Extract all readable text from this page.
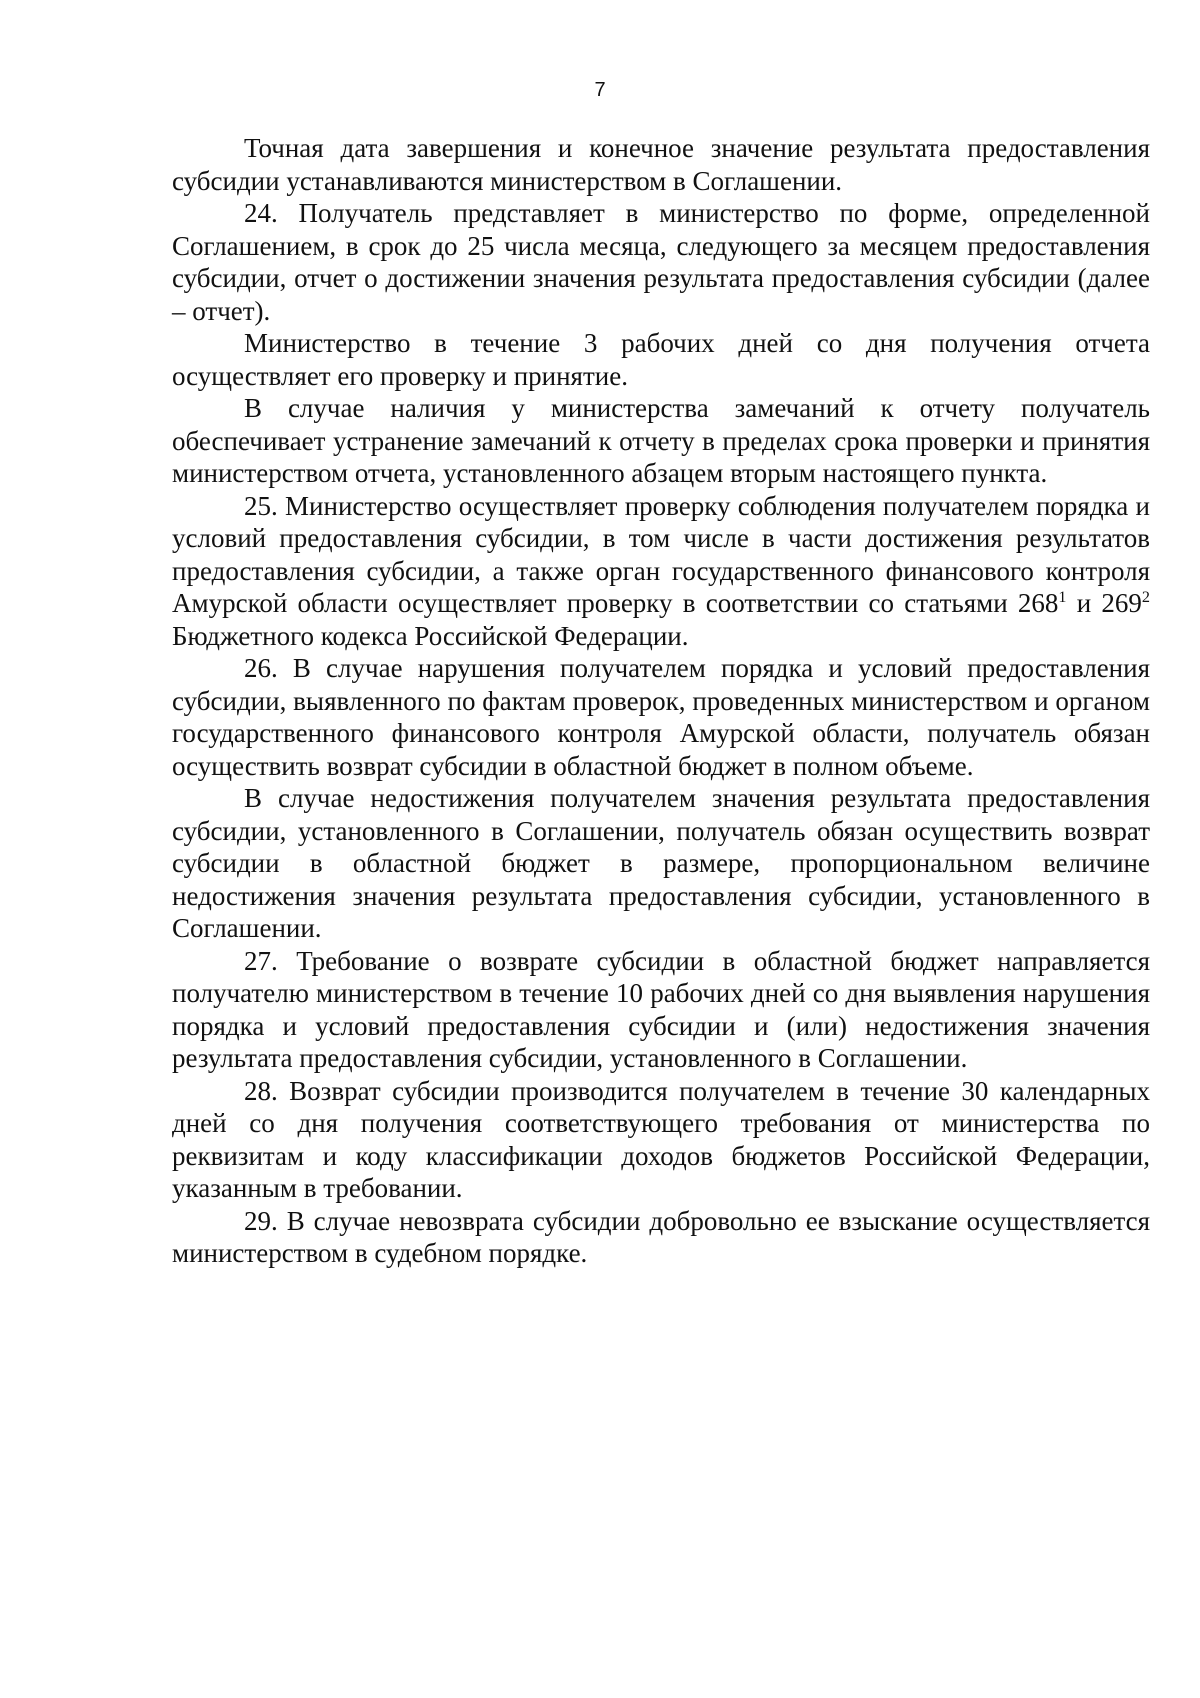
7

Точная дата завершения и конечное значение результата предоставления субсидии устанавливаются министерством в Соглашении.

24. Получатель представляет в министерство по форме, определенной Соглашением, в срок до 25 числа месяца, следующего за месяцем предоставления субсидии, отчет о достижении значения результата предоставления субсидии (далее – отчет).

Министерство в течение 3 рабочих дней со дня получения отчета осуществляет его проверку и принятие.

В случае наличия у министерства замечаний к отчету получатель обеспечивает устранение замечаний к отчету в пределах срока проверки и принятия министерством отчета, установленного абзацем вторым настоящего пункта.

25. Министерство осуществляет проверку соблюдения получателем порядка и условий предоставления субсидии, в том числе в части достижения результатов предоставления субсидии, а также орган государственного финансового контроля Амурской области осуществляет проверку в соответствии со статьями $268^1$ и $269^2$ Бюджетного кодекса Российской Федерации.

26. В случае нарушения получателем порядка и условий предоставления субсидии, выявленного по фактам проверок, проведенных министерством и органом государственного финансового контроля Амурской области, получатель обязан осуществить возврат субсидии в областной бюджет в полном объеме.

В случае недостижения получателем значения результата предоставления субсидии, установленного в Соглашении, получатель обязан осуществить возврат субсидии в областной бюджет в размере, пропорциональном величине недостижения значения результата предоставления субсидии, установленного в Соглашении.

27. Требование о возврате субсидии в областной бюджет направляется получателю министерством в течение 10 рабочих дней со дня выявления нарушения порядка и условий предоставления субсидии и (или) недостижения значения результата предоставления субсидии, установленного в Соглашении.

28. Возврат субсидии производится получателем в течение 30 календарных дней со дня получения соответствующего требования от министерства по реквизитам и коду классификации доходов бюджетов Российской Федерации, указанным в требовании.

29. В случае невозврата субсидии добровольно ее взыскание осуществляется министерством в судебном порядке.
